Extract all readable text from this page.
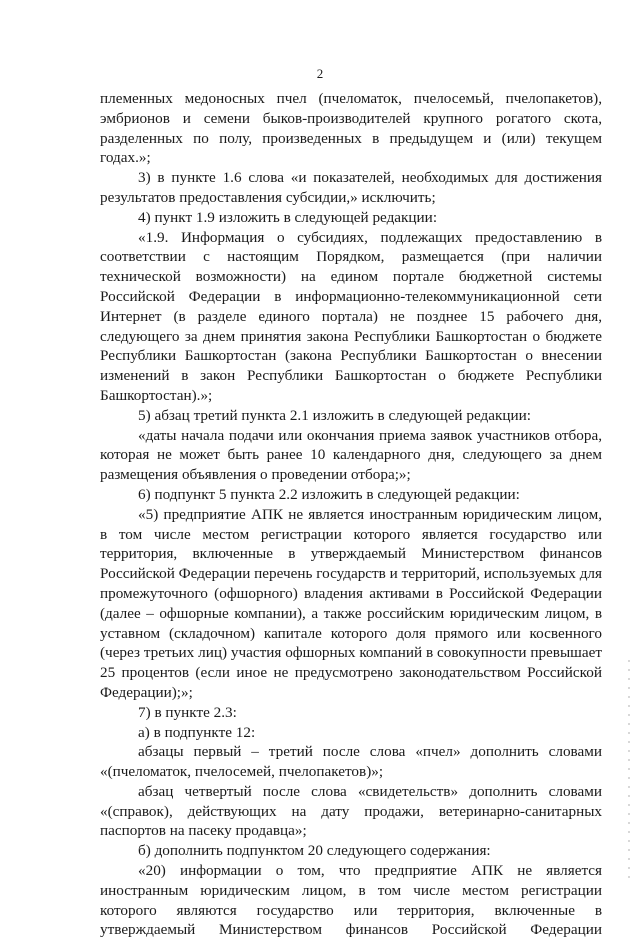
2

племенных медоносных пчел (пчеломаток, пчелосемьй, пчелопакетов), эмбрионов и семени быков-производителей крупного рогатого скота, разделенных по полу, произведенных в предыдущем и (или) текущем годах.»;

3) в пункте 1.6 слова «и показателей, необходимых для достижения результатов предоставления субсидии,» исключить;

4) пункт 1.9 изложить в следующей редакции:

«1.9. Информация о субсидиях, подлежащих предоставлению в соответствии с настоящим Порядком, размещается (при наличии технической возможности) на едином портале бюджетной системы Российской Федерации в информационно-телекоммуникационной сети Интернет (в разделе единого портала) не позднее 15 рабочего дня, следующего за днем принятия закона Республики Башкортостан о бюджете Республики Башкортостан (закона Республики Башкортостан о внесении изменений в закон Республики Башкортостан о бюджете Республики Башкортостан).»;

5) абзац третий пункта 2.1 изложить в следующей редакции:

«даты начала подачи или окончания приема заявок участников отбора, которая не может быть ранее 10 календарного дня, следующего за днем размещения объявления о проведении отбора;»;

6) подпункт 5 пункта 2.2 изложить в следующей редакции:

«5) предприятие АПК не является иностранным юридическим лицом, в том числе местом регистрации которого является государство или территория, включенные в утверждаемый Министерством финансов Российской Федерации перечень государств и территорий, используемых для промежуточного (офшорного) владения активами в Российской Федерации (далее – офшорные компании), а также российским юридическим лицом, в уставном (складочном) капитале которого доля прямого или косвенного (через третьих лиц) участия офшорных компаний в совокупности превышает 25 процентов (если иное не предусмотрено законодательством Российской Федерации);»;

7) в пункте 2.3:

а) в подпункте 12:

абзацы первый – третий после слова «пчел» дополнить словами «(пчеломаток, пчелосемей, пчелопакетов)»;

абзац четвертый после слова «свидетельств» дополнить словами «(справок), действующих на дату продажи, ветеринарно-санитарных паспортов на пасеку продавца»;

б) дополнить подпунктом 20 следующего содержания:

«20) информации о том, что предприятие АПК не является иностранным юридическим лицом, в том числе местом регистрации которого являются государство или территория, включенные в утверждаемый Министерством финансов Российской Федерации
